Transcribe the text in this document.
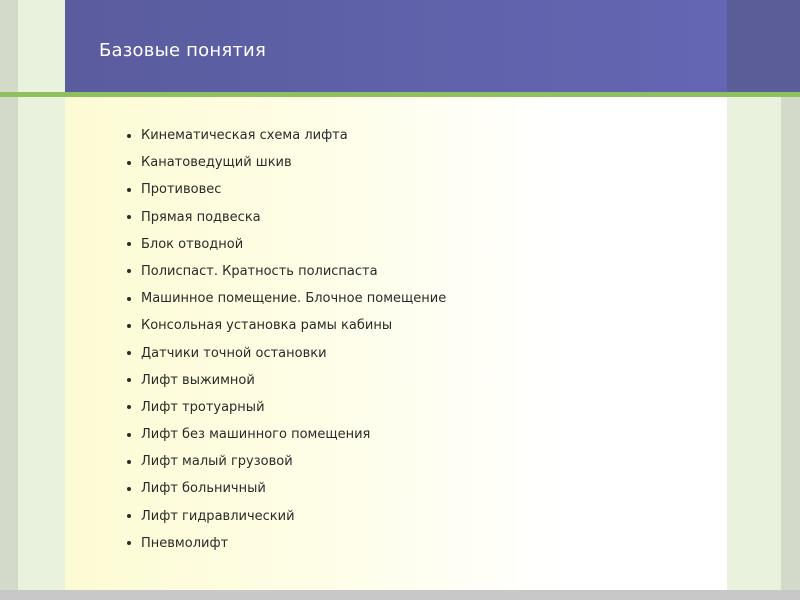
Базовые понятия
Кинематическая схема лифта
Канатоведущий шкив
Противовес
Прямая подвеска
Блок отводной
Полиспаст. Кратность полиспаста
Машинное помещение. Блочное помещение
Консольная установка рамы кабины
Датчики точной остановки
Лифт выжимной
Лифт тротуарный
Лифт без машинного помещения
Лифт малый грузовой
Лифт больничный
Лифт гидравлический
Пневмолифт
